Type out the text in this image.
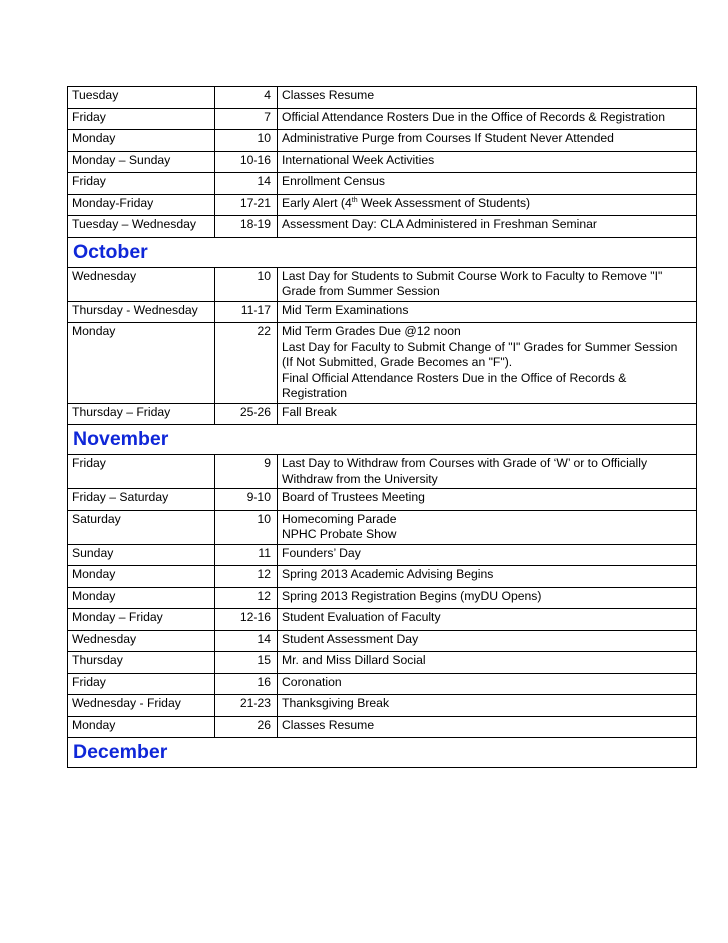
Tuesday	4	Classes Resume

Friday	7	Official Attendance Rosters Due in the Office of Records & Registration

Monday	10	Administrative Purge from Courses If Student Never Attended

Monday – Sunday	10-16	International Week Activities

Friday	14	Enrollment Census

Monday-Friday	17-21	Early Alert (4th Week Assessment of Students)

Tuesday – Wednesday	18-19	Assessment Day: CLA Administered in Freshman Seminar

October		
Wednesday	10	Last Day for Students to Submit Course Work to Faculty to Remove "I" Grade from Summer Session

Thursday - Wednesday	11-17	Mid Term Examinations

Monday	22	Mid Term Grades Due @12 noon
Last Day for Faculty to Submit Change of "I" Grades for Summer Session (If Not Submitted, Grade Becomes an "F").
Final Official Attendance Rosters Due in the Office of Records & Registration

Thursday – Friday	25-26	Fall Break

November		
Friday	9	Last Day to Withdraw from Courses with Grade of ‘W’ or to Officially Withdraw from the University

Friday – Saturday	9-10	Board of Trustees Meeting

Saturday	10	Homecoming Parade
NPHC Probate Show

Sunday	11	Founders’ Day

Monday	12	Spring 2013 Academic Advising Begins

Monday	12	Spring 2013 Registration Begins (myDU Opens)

Monday – Friday	12-16	Student Evaluation of Faculty

Wednesday	14	Student Assessment Day

Thursday	15	Mr. and Miss Dillard Social

Friday	16	Coronation

Wednesday - Friday	21-23	Thanksgiving Break

Monday	26	Classes Resume

December		
